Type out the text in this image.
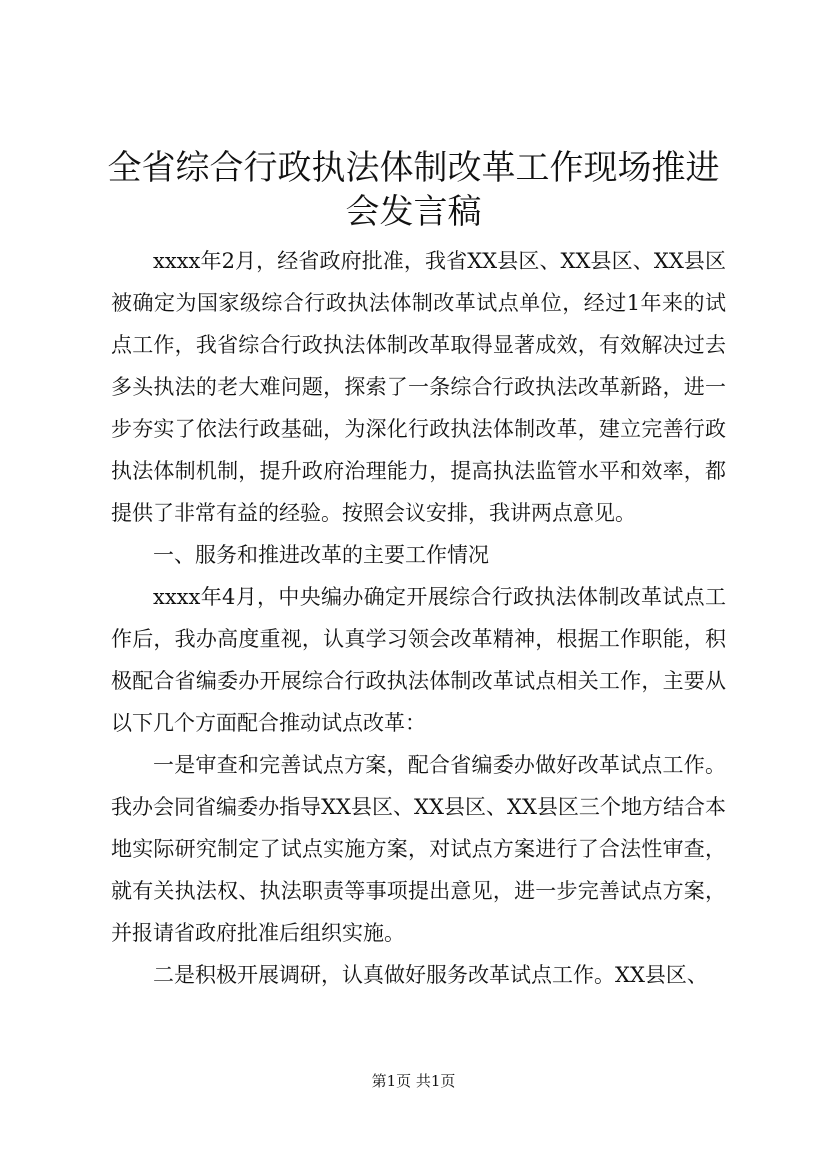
全省综合行政执法体制改革工作现场推进会发言稿

xxxx年2月，经省政府批准，我省XX县区、XX县区、XX县区被确定为国家级综合行政执法体制改革试点单位，经过1年来的试点工作，我省综合行政执法体制改革取得显著成效，有效解决过去多头执法的老大难问题，探索了一条综合行政执法改革新路，进一步夯实了依法行政基础，为深化行政执法体制改革，建立完善行政执法体制机制，提升政府治理能力，提高执法监管水平和效率，都提供了非常有益的经验。按照会议安排，我讲两点意见。

一、服务和推进改革的主要工作情况

xxxx年4月，中央编办确定开展综合行政执法体制改革试点工作后，我办高度重视，认真学习领会改革精神，根据工作职能，积极配合省编委办开展综合行政执法体制改革试点相关工作，主要从以下几个方面配合推动试点改革：

一是审查和完善试点方案，配合省编委办做好改革试点工作。我办会同省编委办指导XX县区、XX县区、XX县区三个地方结合本地实际研究制定了试点实施方案，对试点方案进行了合法性审查，就有关执法权、执法职责等事项提出意见，进一步完善试点方案，并报请省政府批准后组织实施。

二是积极开展调研，认真做好服务改革试点工作。XX县区、

第1页 共1页
